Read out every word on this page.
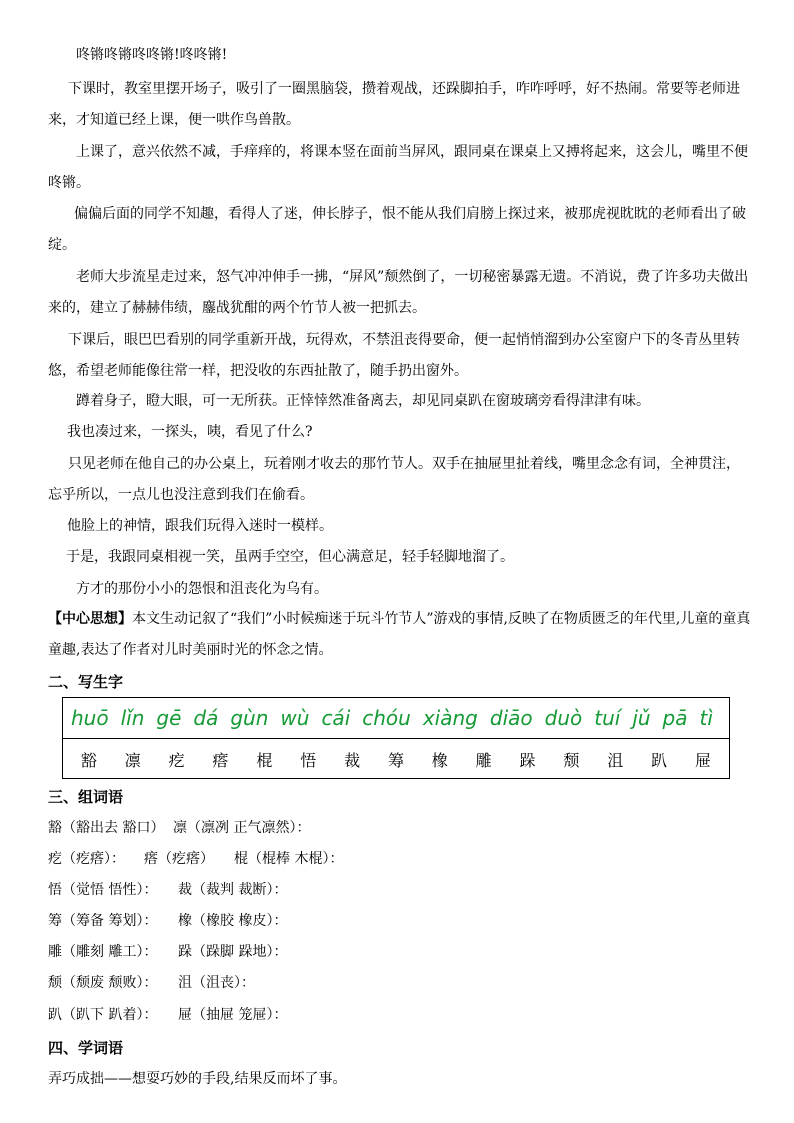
咚锵咚锵咚咚锵!咚咚锵!
下课时，教室里摆开场子，吸引了一圈黑脑袋，攒着观战，还跺脚拍手，咋咋呼呼，好不热闹。常要等老师进来，才知道已经上课，便一哄作鸟兽散。
上课了，意兴依然不减，手痒痒的，将课本竖在面前当屏风，跟同桌在课桌上又搏将起来，这会儿，嘴里不便咚锵。
偏偏后面的同学不知趣，看得人了迷，伸长脖子，恨不能从我们肩膀上探过来，被那虎视眈眈的老师看出了破绽。
老师大步流星走过来，怒气冲冲伸手一拂，“屏风”颓然倒了，一切秘密暴露无遗。不消说，费了许多功夫做出来的，建立了赫赫伟绩，鏖战犹酣的两个竹节人被一把抓去。
下课后，眼巴巴看别的同学重新开战，玩得欢，不禁沮丧得要命，便一起悄悄溜到办公室窗户下的冬青丛里转悠，希望老师能像往常一样，把没收的东西扯散了，随手扔出窗外。
蹲着身子，瞪大眼，可一无所获。正悻悻然准备离去，却见同桌趴在窗玻璃旁看得津津有味。
我也凑过来，一探头，咦，看见了什么?
只见老师在他自己的办公桌上，玩着刚才收去的那竹节人。双手在抽屉里扯着线，嘴里念念有词，全神贯注，忘乎所以，一点儿也没注意到我们在偷看。
他脸上的神情，跟我们玩得入迷时一模样。
于是，我跟同桌相视一笑，虽两手空空，但心满意足，轻手轻脚地溜了。
方才的那份小小的怨恨和沮丧化为乌有。
【中心思想】本文生动记叙了“我们”小时候痴迷于玩斗竹节人”游戏的事情,反映了在物质匮乏的年代里,儿童的童真童趣,表达了作者对儿时美丽时光的怀念之情。
二、写生字
huō lǐn gē dá gùn wù cái chóu xiàng diāo duò tuí jǔ pā tì
豁 凛 疙 瘩 棍 悟 裁 筹 橡 雕 跺 颓 沮 趴 屉
三、组词语
豁（豁出去 豁口） 凛（凛冽 正气凛然）：
疙（疙瘩）： 瘩（疙瘩） 棍（棍棒 木棍）：
悟（觉悟 悟性）： 裁（裁判 裁断）：
筹（筹备 筹划）： 橡（橡胶 橡皮）：
雕（雕刻 雕工）： 跺（跺脚 跺地）：
颓（颓废 颓败）： 沮（沮丧）：
趴（趴下 趴着）： 屉（抽屉 笼屉）：
四、学词语
弄巧成拙——想耍巧妙的手段,结果反而坏了事。
